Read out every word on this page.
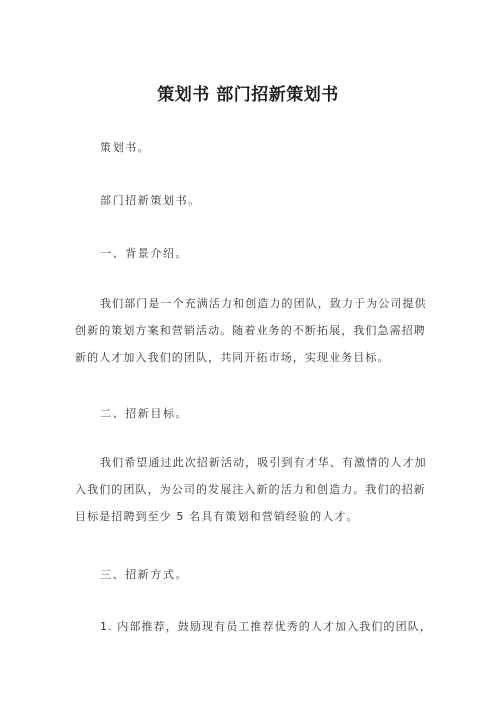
策划书 部门招新策划书
策划书。
部门招新策划书。
一、背景介绍。
我们部门是一个充满活力和创造力的团队，致力于为公司提供
创新的策划方案和营销活动。随着业务的不断拓展，我们急需招聘
新的人才加入我们的团队，共同开拓市场，实现业务目标。
二、招新目标。
我们希望通过此次招新活动，吸引到有才华、有激情的人才加
入我们的团队，为公司的发展注入新的活力和创造力。我们的招新
目标是招聘到至少 5 名具有策划和营销经验的人才。
三、招新方式。
1. 内部推荐，鼓励现有员工推荐优秀的人才加入我们的团队，
